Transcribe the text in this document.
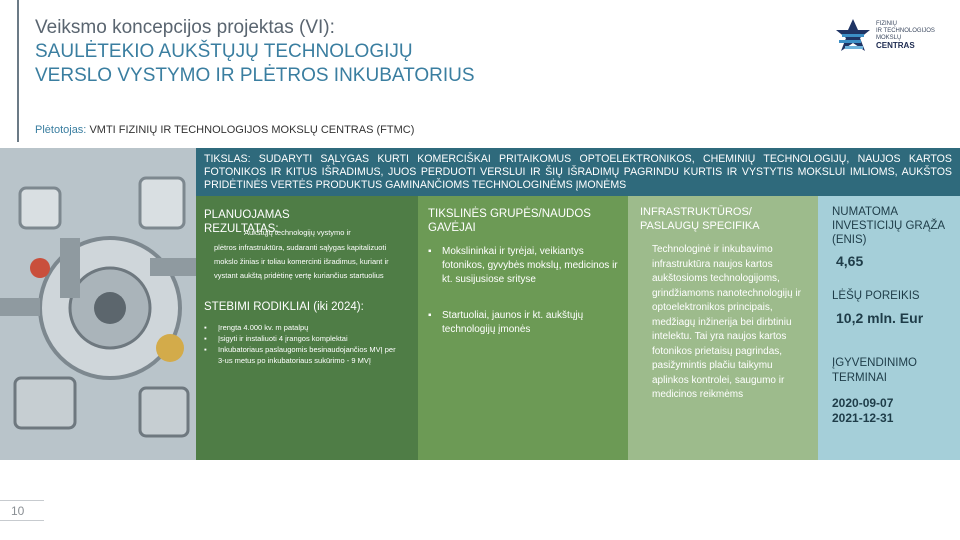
Veiksmo koncepcijos projektas (VI):
SAULĖTEKIO AUKŠTŲJŲ TECHNOLOGIJŲ
VERSLO VYSTYMO IR PLĖTROS INKUBATORIUS
FIZINIŲ
IR TECHNOLOGIJOS MOKSLŲ
CENTRAS
Plėtotojas: VMTI FIZINIŲ IR TECHNOLOGIJOS MOKSLŲ CENTRAS (FTMC)
TIKSLAS: SUDARYTI SĄLYGAS KURTI KOMERCIŠKAI PRITAIKOMUS OPTOELEKTRONIKOS, CHEMINIŲ TECHNOLOGIJŲ, NAUJOS KARTOS FOTONIKOS IR KITUS IŠRADIMUS, JUOS PERDUOTI VERSLUI IR ŠIŲ IŠRADIMŲ PAGRINDU KURTIS IR VYSTYTIS MOKSLUI IMLIOMS, AUKŠTOS PRIDĖTINĖS VERTĖS PRODUKTUS GAMINANČIOMS TECHNOLOGINĖMS ĮMONĖMS
PLANUOJAMAS REZULTATAS:
Aukštųjų technologijų vystymo ir
plėtros infrastruktūra, sudaranti sąlygas kapitalizuoti mokslo žinias ir toliau komercinti išradimus, kuriant ir vystant aukštą pridėtinę vertę kuriančius startuolius
STEBIMI RODIKLIAI (iki 2024):
▪ Įrengta 4.000 kv. m patalpų
▪ Įsigyti ir instaliuoti 4 įrangos komplektai
▪ Inkubatoriaus paslaugomis besinaudojančios MVĮ per 3-us metus po inkubatoriaus sukūrimo - 9 MVĮ
TIKSLINĖS GRUPĖS/NAUDOS GAVĖJAI
▪ Mokslininkai ir tyrėjai, veikiantys fotonikos, gyvybės mokslų, medicinos ir kt. susijusiose srityse
▪ Startuoliai, jaunos ir kt. aukštųjų technologijų įmonės
INFRASTRUKTŪROS/ PASLAUGŲ SPECIFIKA
Technologinė ir inkubavimo infrastruktūra naujos kartos aukštosioms technologijoms, grindžiamoms nanotechnologijų ir optoelektronikos principais, medžiagų inžinerija bei dirbtiniu intelektu. Tai yra naujos kartos fotonikos prietaisų pagrindas, pasižymintis plačiu taikymu aplinkos kontrolei, saugumo ir medicinos reikmėms
NUMATOMA INVESTICIJŲ GRĄŽA (ENIS)
4,65
LĖŠŲ POREIKIS
10,2 mln. Eur
ĮGYVENDINIMO TERMINAI
2020-09-07
2021-12-31
10
